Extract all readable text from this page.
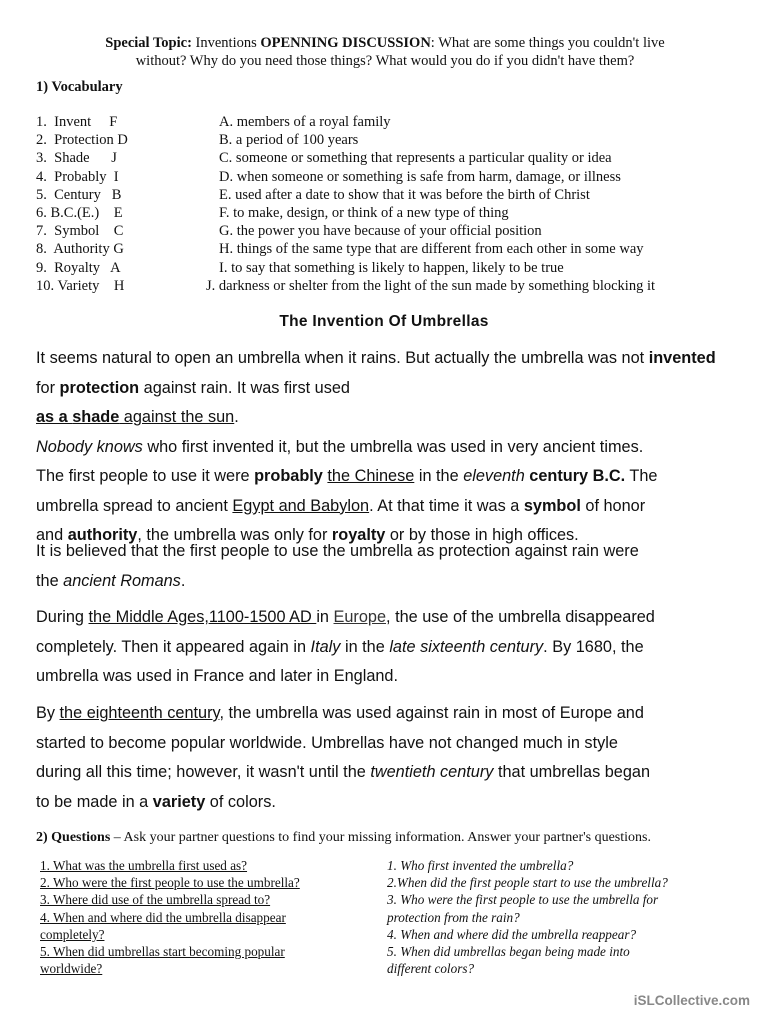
Special Topic: Inventions OPENNING DISCUSSION: What are some things you couldn't live
without? Why do you need those things? What would you do if you didn't have them?
1) Vocabulary
1.  Invent     F	A. members of a royal family
2.  Protection D	B. a period of 100 years
3.  Shade      J	C. someone or something that represents a particular quality or idea
4.  Probably  I	D. when someone or something is safe from harm, damage, or illness
5.  Century   B	E. used after a date to show that it was before the birth of Christ
6. B.C.(E.)    E	F. to make, design, or think of a new type of thing
7.  Symbol    C	G. the power you have because of your official position
8.  Authority G	H. things of the same type that are different from each other in some way
9.  Royalty   A	I. to say that something is likely to happen, likely to be true
10. Variety    H	J. darkness or shelter from the light of the sun made by something blocking it
The Invention Of Umbrellas
It seems natural to open an umbrella when it rains. But actually the umbrella was not invented for protection against rain. It was first used
as a shade against the sun.
Nobody knows who first invented it, but the umbrella was used in very ancient times.
The first people to use it were probably the Chinese in the eleventh century B.C. The
umbrella spread to ancient Egypt and Babylon. At that time it was a symbol of honor
and authority, the umbrella was only for royalty or by those in high offices.
It is believed that the first people to use the umbrella as protection against rain were
the ancient Romans.
During the Middle Ages,1100-1500 AD in Europe, the use of the umbrella disappeared
completely. Then it appeared again in Italy in the late sixteenth century. By 1680, the
umbrella was used in France and later in England.
By the eighteenth century, the umbrella was used against rain in most of Europe and
started to become popular worldwide. Umbrellas have not changed much in style
during all this time; however, it wasn't until the twentieth century that umbrellas began
to be made in a variety of colors.
2) Questions – Ask your partner questions to find your missing information. Answer your partner's questions.
1. What was the umbrella first used as?
2. Who were the first people to use the umbrella?
3. Where did use of the umbrella spread to?
4. When and where did the umbrella disappear
completely?
5. When did umbrellas start becoming popular
worldwide?
1. Who first invented the umbrella?
2.When did the first people start to use the umbrella?
3. Who were the first people to use the umbrella for
protection from the rain?
4. When and where did the umbrella reappear?
5. When did umbrellas began being made into
different colors?
iSLCollective.com
